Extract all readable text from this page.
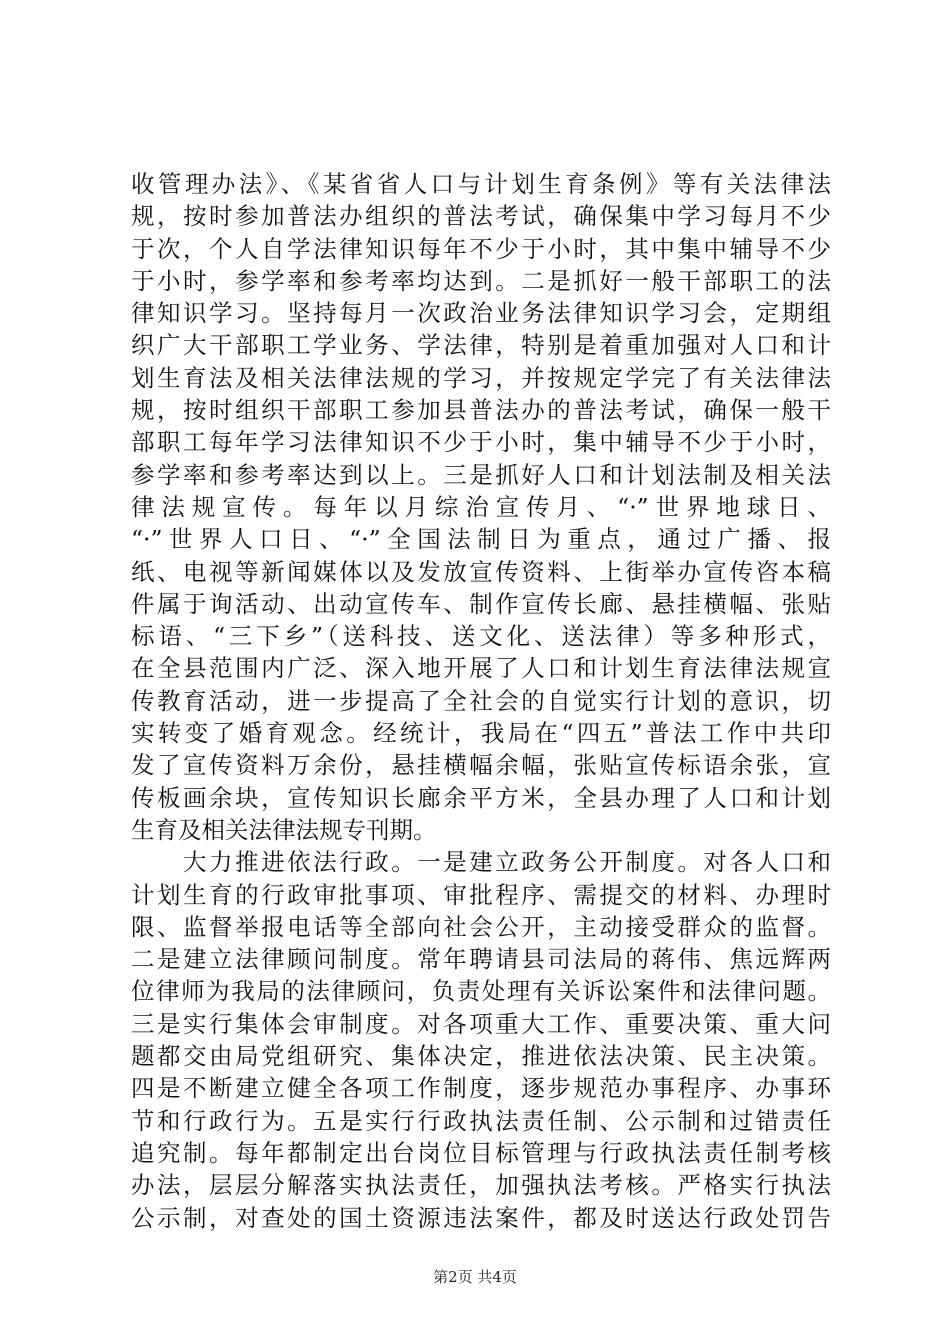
收管理办法》、《某省省人口与计划生育条例》等有关法律法
规，按时参加普法办组织的普法考试，确保集中学习每月不少
于次，个人自学法律知识每年不少于小时，其中集中辅导不少
于小时，参学率和参考率均达到。二是抓好一般干部职工的法
律知识学习。坚持每月一次政治业务法律知识学习会，定期组
织广大干部职工学业务、学法律，特别是着重加强对人口和计
划生育法及相关法律法规的学习，并按规定学完了有关法律法
规，按时组织干部职工参加县普法办的普法考试，确保一般干
部职工每年学习法律知识不少于小时，集中辅导不少于小时，
参学率和参考率达到以上。三是抓好人口和计划法制及相关法
律法规宣传。每年以月综治宣传月、“·”世界地球日、
“·”世界人口日、“·”全国法制日为重点，通过广播、报
纸、电视等新闻媒体以及发放宣传资料、上街举办宣传咨本稿
件属于询活动、出动宣传车、制作宣传长廊、悬挂横幅、张贴
标语、“三下乡”（送科技、送文化、送法律）等多种形式，
在全县范围内广泛、深入地开展了人口和计划生育法律法规宣
传教育活动，进一步提高了全社会的自觉实行计划的意识，切
实转变了婚育观念。经统计，我局在“四五”普法工作中共印
发了宣传资料万余份，悬挂横幅余幅，张贴宣传标语余张，宣
传板画余块，宣传知识长廊余平方米，全县办理了人口和计划
生育及相关法律法规专刊期。
　　大力推进依法行政。一是建立政务公开制度。对各人口和
计划生育的行政审批事项、审批程序、需提交的材料、办理时
限、监督举报电话等全部向社会公开，主动接受群众的监督。
二是建立法律顾问制度。常年聘请县司法局的蒋伟、焦远辉两
位律师为我局的法律顾问，负责处理有关诉讼案件和法律问题。
三是实行集体会审制度。对各项重大工作、重要决策、重大问
题都交由局党组研究、集体决定，推进依法决策、民主决策。
四是不断建立健全各项工作制度，逐步规范办事程序、办事环
节和行政行为。五是实行行政执法责任制、公示制和过错责任
追究制。每年都制定出台岗位目标管理与行政执法责任制考核
办法，层层分解落实执法责任，加强执法考核。严格实行执法
公示制，对查处的国土资源违法案件，都及时送达行政处罚告
第2页 共4页
